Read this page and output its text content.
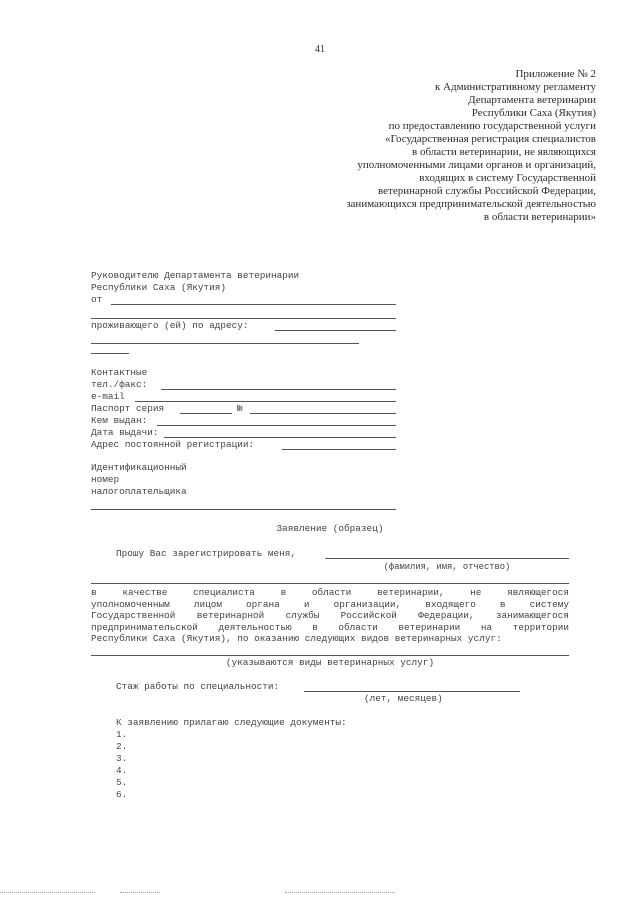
41
Приложение № 2
к Административному регламенту
Департамента ветеринарии
Республики Саха (Якутия)
по предоставлению государственной услуги
«Государственная регистрация специалистов
в области ветеринарии, не являющихся
уполномоченными лицами органов и организаций,
входящих в систему Государственной
ветеринарной службы Российской Федерации,
занимающихся предпринимательской деятельностью
в области ветеринарии»
Руководителю Департамента ветеринарии
Республики Саха (Якутия)
от
проживающего (ей) по адресу:
Контактные
тел./факс:
e-mail
Паспорт серия	№
Кем выдан:
Дата выдачи:
Адрес постоянной регистрации:
Идентификационный
номер
налогоплательщика
Заявление (образец)
Прошу Вас зарегистрировать меня,
(фамилия, имя, отчество)
в качестве специалиста в области ветеринарии, не являющегося
уполномоченным лицом органа и организации, входящего в систему
Государственной ветеринарной службы Российской Федерации, занимающегося
предпринимательской деятельностью в области ветеринарии на территории
Республики Саха (Якутия), по оказанию следующих видов ветеринарных услуг:
(указываются виды ветеринарных услуг)
Стаж работы по специальности:
(лет, месяцев)
К заявлению прилагаю следующие документы:
1.
2.
3.
4.
5.
6.
